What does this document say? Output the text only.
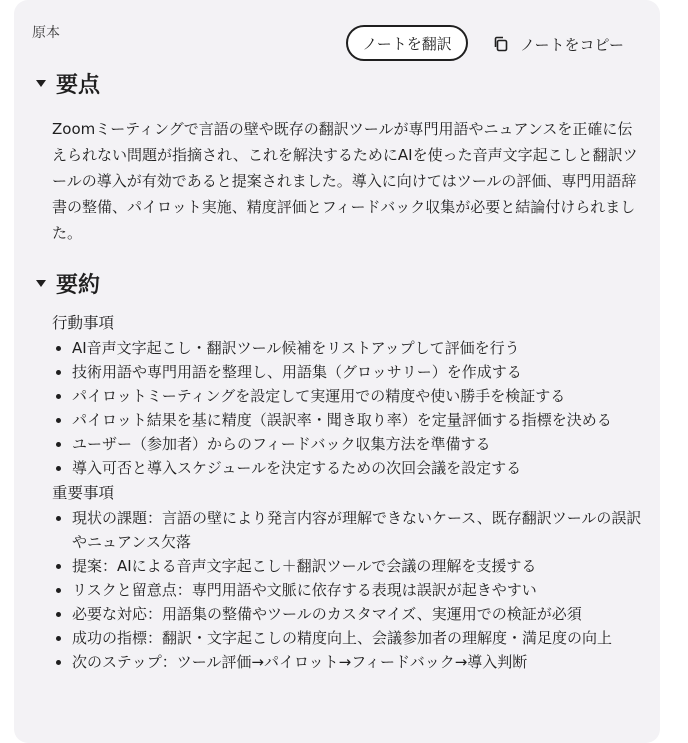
原本
ノートを翻訳	ノートをコピー
要点
Zoomミーティングで言語の壁や既存の翻訳ツールが専門用語やニュアンスを正確に伝えられない問題が指摘され、これを解決するためにAIを使った音声文字起こしと翻訳ツールの導入が有効であると提案されました。導入に向けてはツールの評価、専門用語辞書の整備、パイロット実施、精度評価とフィードバック収集が必要と結論付けられました。
要約
行動事項
• AI音声文字起こし・翻訳ツール候補をリストアップして評価を行う
• 技術用語や専門用語を整理し、用語集（グロッサリー）を作成する
• パイロットミーティングを設定して実運用での精度や使い勝手を検証する
• パイロット結果を基に精度（誤訳率・聞き取り率）を定量評価する指標を決める
• ユーザー（参加者）からのフィードバック収集方法を準備する
• 導入可否と導入スケジュールを決定するための次回会議を設定する
重要事項
• 現状の課題：言語の壁により発言内容が理解できないケース、既存翻訳ツールの誤訳やニュアンス欠落
• 提案：AIによる音声文字起こし＋翻訳ツールで会議の理解を支援する
• リスクと留意点：専門用語や文脈に依存する表現は誤訳が起きやすい
• 必要な対応：用語集の整備やツールのカスタマイズ、実運用での検証が必須
• 成功の指標：翻訳・文字起こしの精度向上、会議参加者の理解度・満足度の向上
• 次のステップ：ツール評価→パイロット→フィードバック→導入判断
